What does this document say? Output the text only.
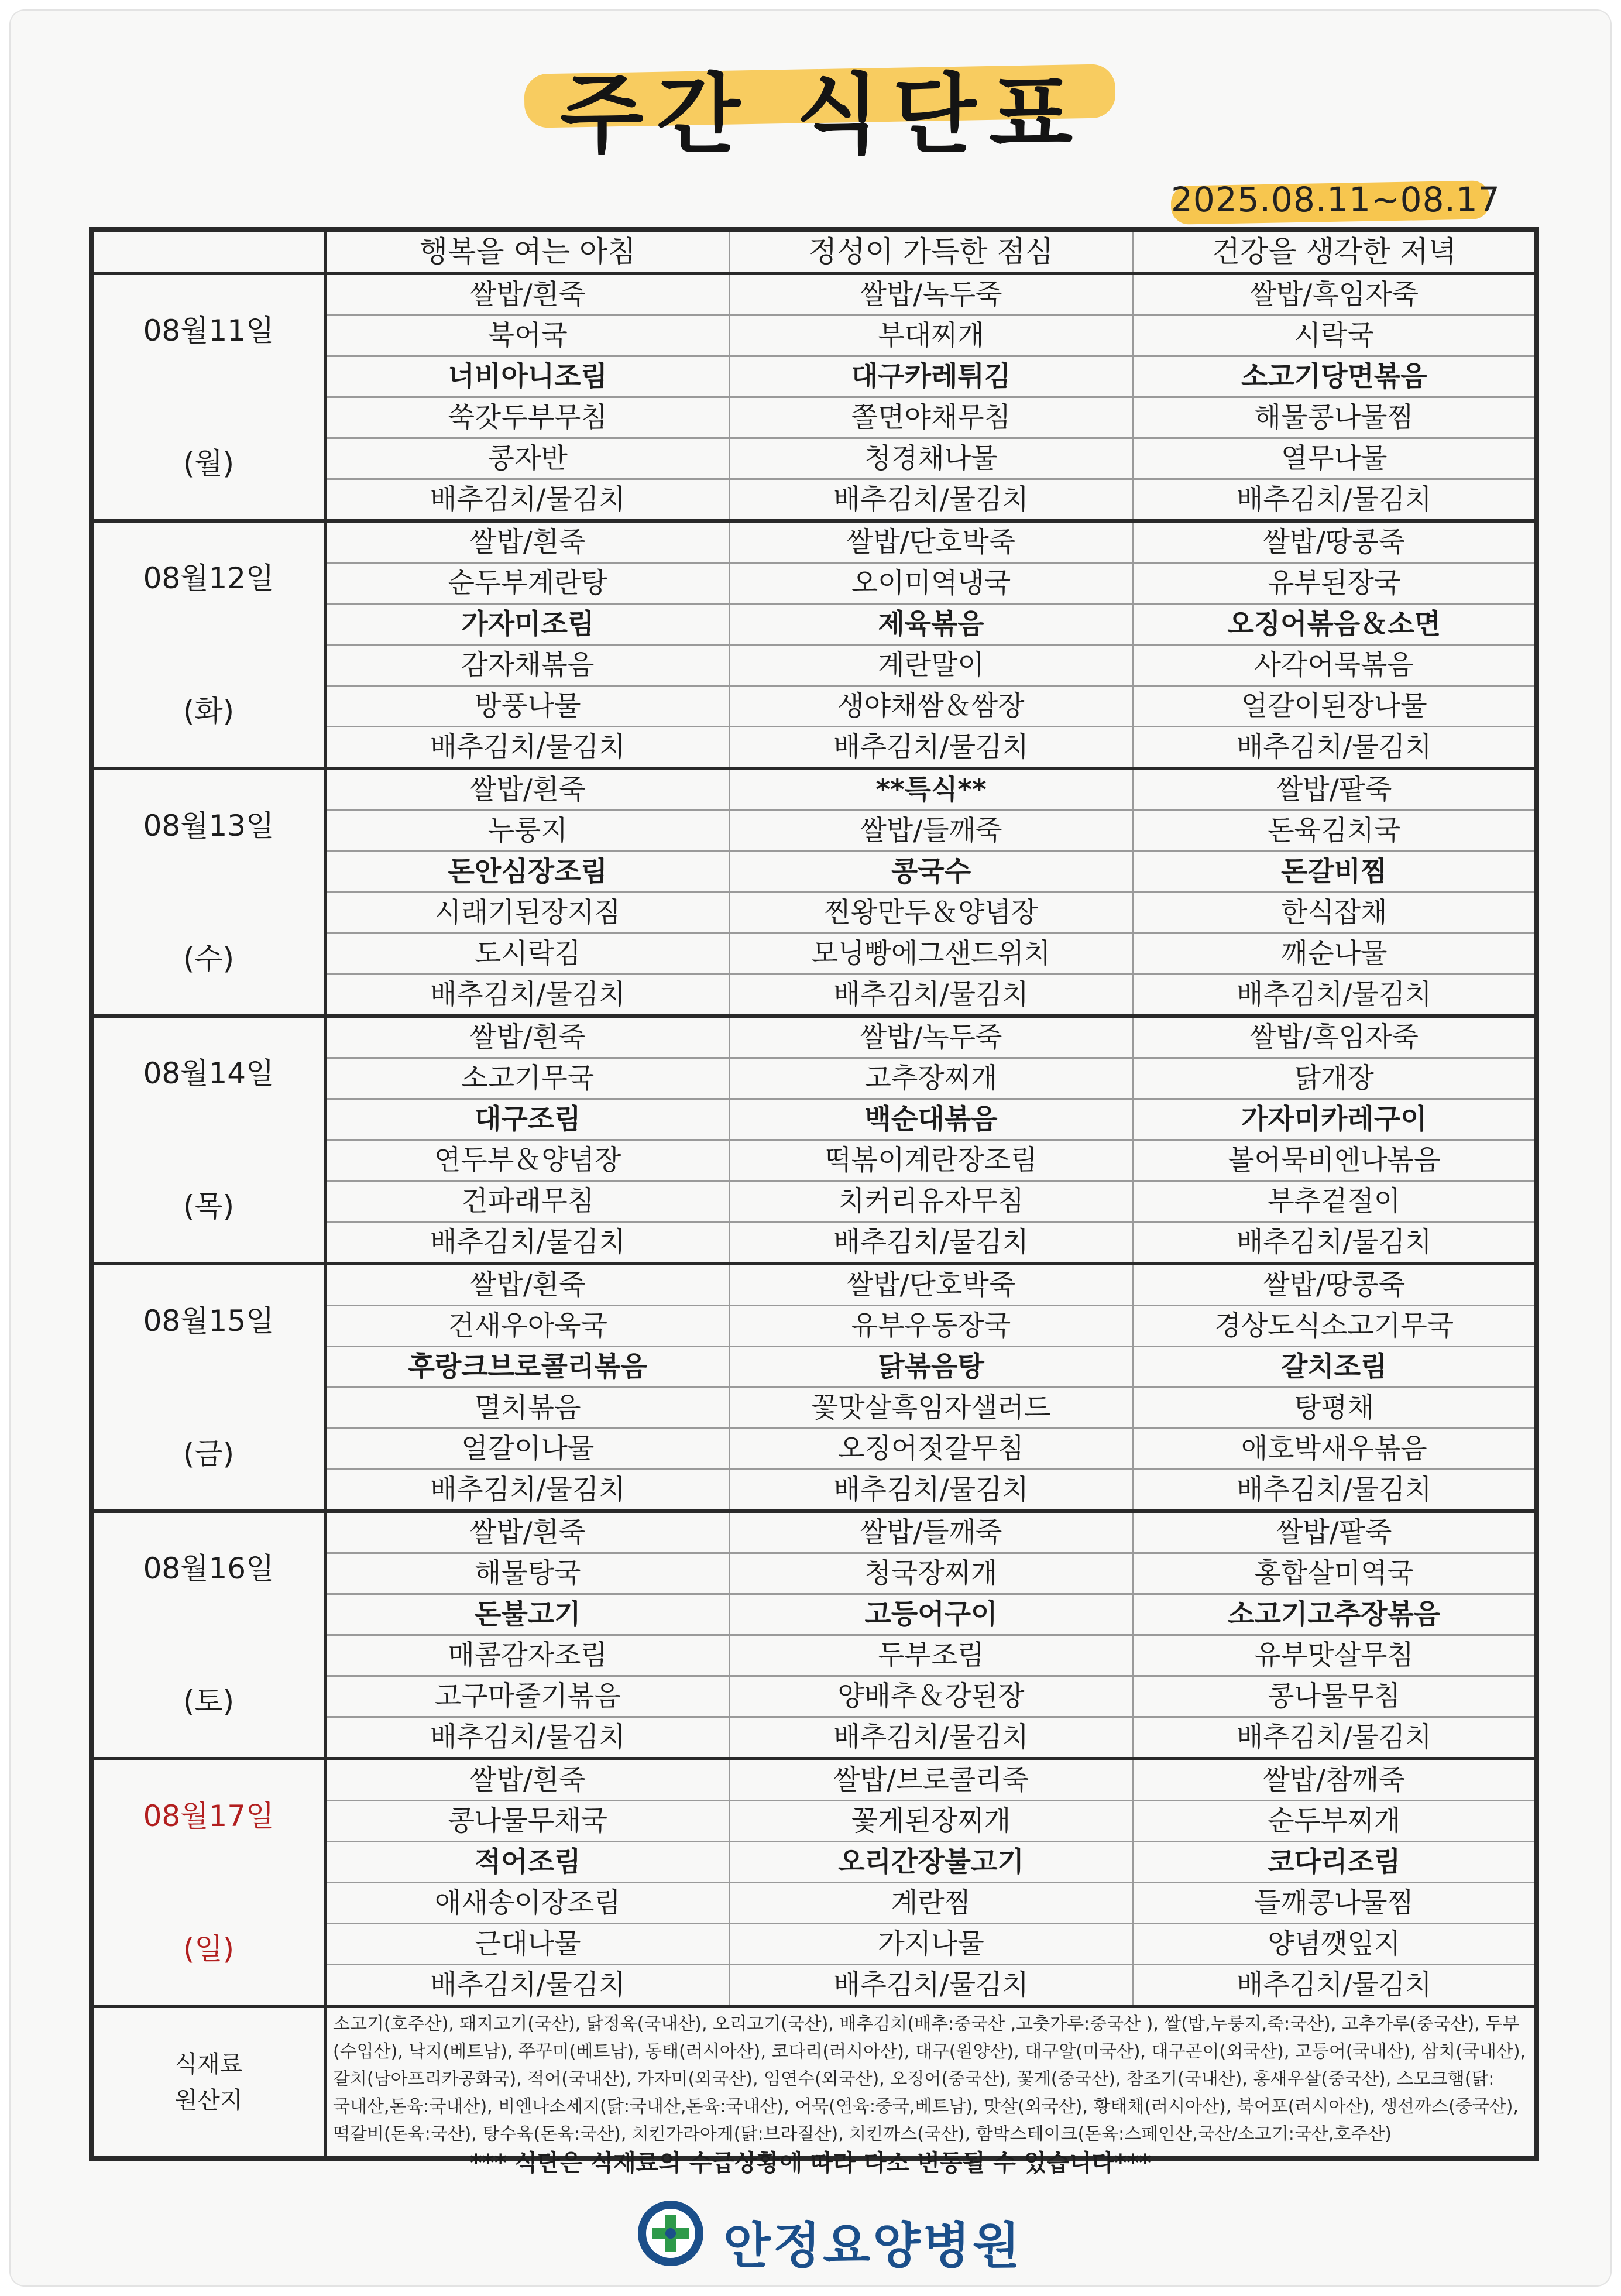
주간 식단표
2025.08.11~08.17
	행복을 여는 아침	정성이 가득한 점심	건강을 생각한 저녁

08월11일
(월)	쌀밥/흰죽	쌀밥/녹두죽	쌀밥/흑임자죽
	북어국	부대찌개	시락국
	너비아니조림	대구카레튀김	소고기당면볶음
	쑥갓두부무침	쫄면야채무침	해물콩나물찜
	콩자반	청경채나물	열무나물
	배추김치/물김치	배추김치/물김치	배추김치/물김치

08월12일
(화)	쌀밥/흰죽	쌀밥/단호박죽	쌀밥/땅콩죽
	순두부계란탕	오이미역냉국	유부된장국
	가자미조림	제육볶음	오징어볶음＆소면
	감자채볶음	계란말이	사각어묵볶음
	방풍나물	생야채쌈＆쌈장	얼갈이된장나물
	배추김치/물김치	배추김치/물김치	배추김치/물김치

08월13일
(수)	쌀밥/흰죽	**특식**	쌀밥/팥죽
	누룽지	쌀밥/들깨죽	돈육김치국
	돈안심장조림	콩국수	돈갈비찜
	시래기된장지짐	찐왕만두＆양념장	한식잡채
	도시락김	모닝빵에그샌드위치	깨순나물
	배추김치/물김치	배추김치/물김치	배추김치/물김치

08월14일
(목)	쌀밥/흰죽	쌀밥/녹두죽	쌀밥/흑임자죽
	소고기무국	고추장찌개	닭개장
	대구조림	백순대볶음	가자미카레구이
	연두부＆양념장	떡볶이계란장조림	볼어묵비엔나볶음
	건파래무침	치커리유자무침	부추겉절이
	배추김치/물김치	배추김치/물김치	배추김치/물김치

08월15일
(금)	쌀밥/흰죽	쌀밥/단호박죽	쌀밥/땅콩죽
	건새우아욱국	유부우동장국	경상도식소고기무국
	후랑크브로콜리볶음	닭볶음탕	갈치조림
	멸치볶음	꽃맛살흑임자샐러드	탕평채
	얼갈이나물	오징어젓갈무침	애호박새우볶음
	배추김치/물김치	배추김치/물김치	배추김치/물김치

08월16일
(토)	쌀밥/흰죽	쌀밥/들깨죽	쌀밥/팥죽
	해물탕국	청국장찌개	홍합살미역국
	돈불고기	고등어구이	소고기고추장볶음
	매콤감자조림	두부조림	유부맛살무침
	고구마줄기볶음	양배추＆강된장	콩나물무침
	배추김치/물김치	배추김치/물김치	배추김치/물김치

08월17일
(일)	쌀밥/흰죽	쌀밥/브로콜리죽	쌀밥/참깨죽
	콩나물무채국	꽃게된장찌개	순두부찌개
	적어조림	오리간장불고기	코다리조림
	애새송이장조림	계란찜	들깨콩나물찜
	근대나물	가지나물	양념깻잎지
	배추김치/물김치	배추김치/물김치	배추김치/물김치
식재료
원산지	소고기(호주산), 돼지고기(국산), 닭정육(국내산), 오리고기(국산), 배추김치(배추:중국산 ,고춧가루:중국산 ), 쌀(밥,누룽지,죽:국산), 고추가루(중국산), 두부(수입산), 낙지(베트남), 쭈꾸미(베트남), 동태(러시아산), 코다리(러시아산), 대구(원양산), 대구알(미국산), 대구곤이(외국산), 고등어(국내산), 삼치(국내산), 갈치(남아프리카공화국), 적어(국내산), 가자미(외국산), 임연수(외국산), 오징어(중국산), 꽃게(중국산), 참조기(국내산), 홍새우살(중국산), 스모크햄(닭:국내산,돈육:국내산), 비엔나소세지(닭:국내산,돈육:국내산), 어묵(연육:중국,베트남), 맛살(외국산), 황태채(러시아산), 북어포(러시아산), 생선까스(중국산), 떡갈비(돈육:국산), 탕수육(돈육:국산), 치킨가라아게(닭:브라질산), 치킨까스(국산), 함박스테이크(돈육:스페인산,국산/소고기:국산,호주산)		
*** 식단은 식재료의 수급상황에 따라 다소 변동될 수 있습니다***
안정요양병원
